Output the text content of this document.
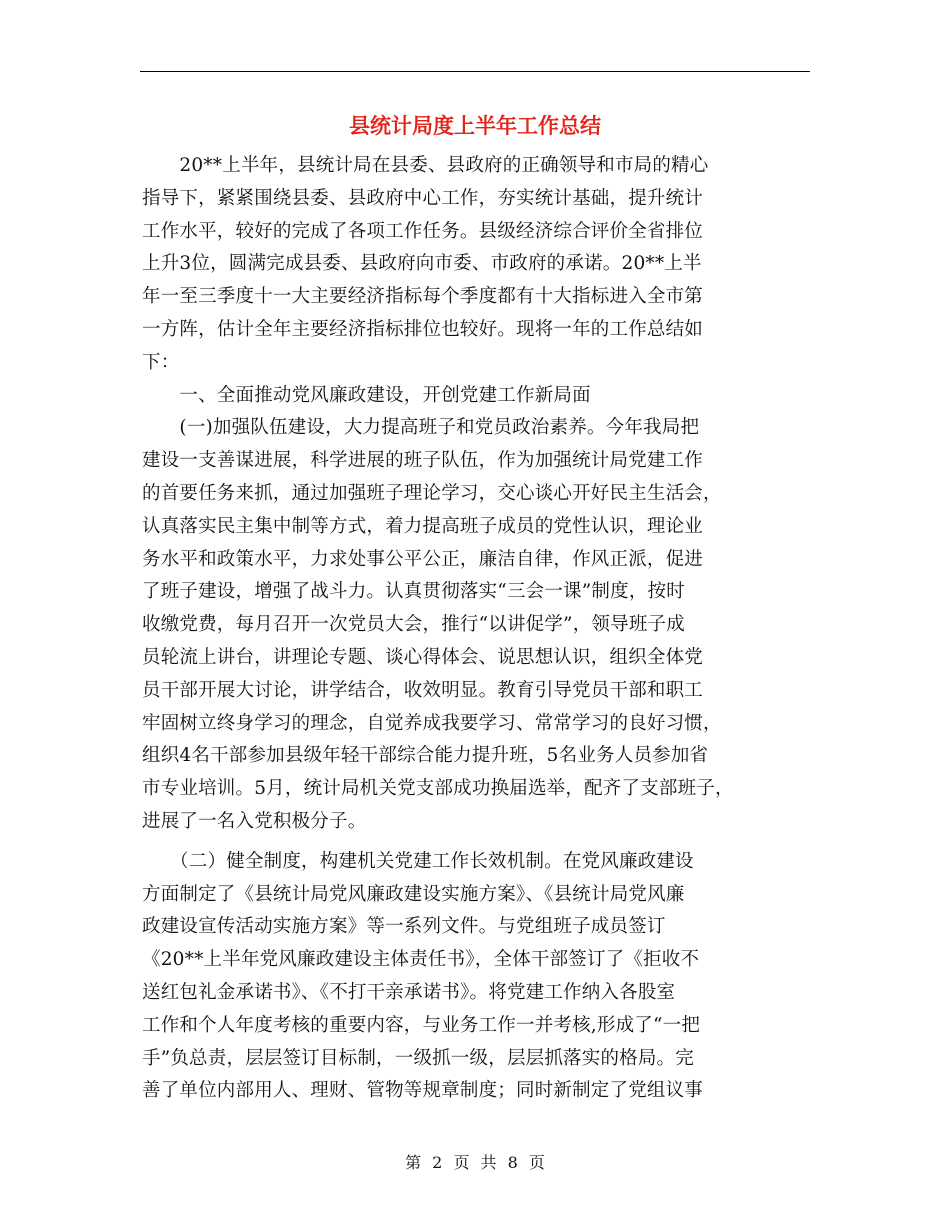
县统计局度上半年工作总结
　　20**上半年，县统计局在县委、县政府的正确领导和市局的精心
指导下，紧紧围绕县委、县政府中心工作，夯实统计基础，提升统计
工作水平，较好的完成了各项工作任务。县级经济综合评价全省排位
上升3位，圆满完成县委、县政府向市委、市政府的承诺。20**上半
年一至三季度十一大主要经济指标每个季度都有十大指标进入全市第
一方阵，估计全年主要经济指标排位也较好。现将一年的工作总结如
下：
　　一、全面推动党风廉政建设，开创党建工作新局面
　　(一)加强队伍建设，大力提高班子和党员政治素养。今年我局把
建设一支善谋进展，科学进展的班子队伍，作为加强统计局党建工作
的首要任务来抓，通过加强班子理论学习，交心谈心开好民主生活会，
认真落实民主集中制等方式，着力提高班子成员的党性认识，理论业
务水平和政策水平，力求处事公平公正，廉洁自律，作风正派，促进
了班子建设，增强了战斗力。认真贯彻落实“三会一课”制度，按时
收缴党费，每月召开一次党员大会，推行“以讲促学”，领导班子成
员轮流上讲台，讲理论专题、谈心得体会、说思想认识，组织全体党
员干部开展大讨论，讲学结合，收效明显。教育引导党员干部和职工
牢固树立终身学习的理念，自觉养成我要学习、常常学习的良好习惯，
组织4名干部参加县级年轻干部综合能力提升班，5名业务人员参加省
市专业培训。5月，统计局机关党支部成功换届选举，配齐了支部班子，
进展了一名入党积极分子。
　　（二）健全制度，构建机关党建工作长效机制。在党风廉政建设
方面制定了《县统计局党风廉政建设实施方案》、《县统计局党风廉
政建设宣传活动实施方案》等一系列文件。与党组班子成员签订
《20**上半年党风廉政建设主体责任书》，全体干部签订了《拒收不
送红包礼金承诺书》、《不打干亲承诺书》。将党建工作纳入各股室
工作和个人年度考核的重要内容，与业务工作一并考核,形成了“一把
手”负总责，层层签订目标制，一级抓一级，层层抓落实的格局。完
善了单位内部用人、理财、管物等规章制度；同时新制定了党组议事
第 2 页 共 8 页
